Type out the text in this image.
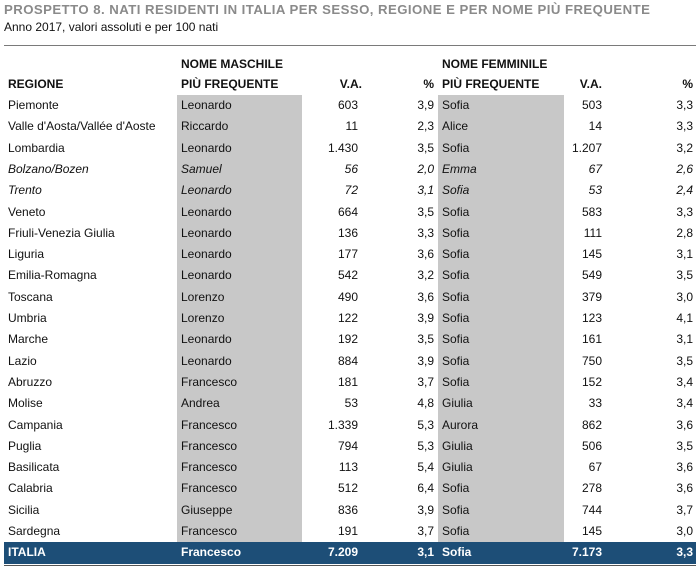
PROSPETTO 8. NATI RESIDENTI IN ITALIA PER SESSO, REGIONE E PER NOME PIÙ FREQUENTE
Anno 2017, valori assoluti e per 100 nati
REGIONE
NOME MASCHILE
PIÙ FREQUENTE	V.A.	%
NOME FEMMINILE
PIÙ FREQUENTE	V.A.	%
Piemonte	Leonardo	603	3,9 Sofia	503	3,3
Valle d'Aosta/Vallée d'Aoste Riccardo	11	2,3 Alice	14	3,3
Lombardia	Leonardo	1.430	3,5 Sofia	1.207	3,2
Bolzano/Bozen	Samuel	56	2,0 Emma	67	2,6
Trento	Leonardo	72	3,1 Sofia	53	2,4
Veneto	Leonardo	664	3,5 Sofia	583	3,3
Friuli-Venezia Giulia	Leonardo	136	3,3 Sofia	111	2,8
Liguria	Leonardo	177	3,6 Sofia	145	3,1
Emilia-Romagna	Leonardo	542	3,2 Sofia	549	3,5
Toscana	Lorenzo	490	3,6 Sofia	379	3,0
Umbria	Lorenzo	122	3,9 Sofia	123	4,1
Marche	Leonardo	192	3,5 Sofia	161	3,1
Lazio	Leonardo	884	3,9 Sofia	750	3,5
Abruzzo	Francesco	181	3,7 Sofia	152	3,4
Molise	Andrea	53	4,8 Giulia	33	3,4
Campania	Francesco	1.339	5,3 Aurora	862	3,6
Puglia	Francesco	794	5,3 Giulia	506	3,5
Basilicata	Francesco	113	5,4 Giulia	67	3,6
Calabria	Francesco	512	6,4 Sofia	278	3,6
Sicilia	Giuseppe	836	3,9 Sofia	744	3,7
Sardegna	Francesco	191	3,7 Sofia	145	3,0
ITALIA	Francesco	7.209	3,1 Sofia	7.173	3,3
